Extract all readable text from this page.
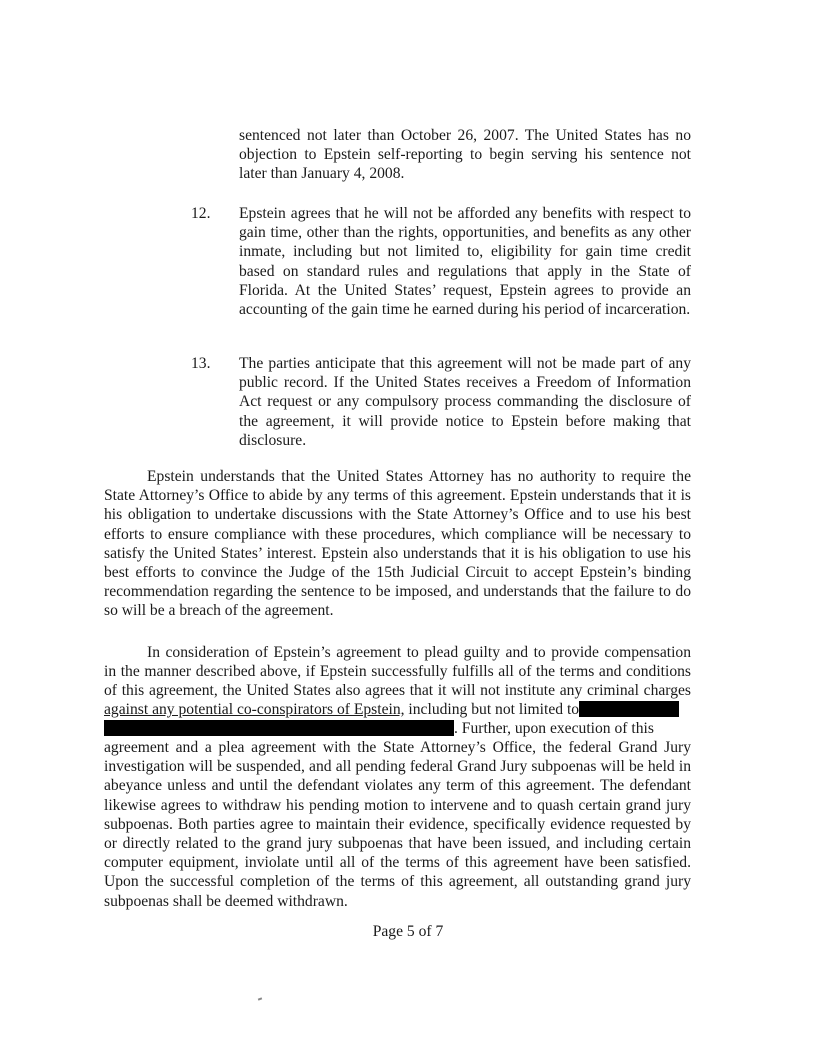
sentenced not later than October 26, 2007. The United States has no objection to Epstein self-reporting to begin serving his sentence not later than January 4, 2008.

12. Epstein agrees that he will not be afforded any benefits with respect to gain time, other than the rights, opportunities, and benefits as any other inmate, including but not limited to, eligibility for gain time credit based on standard rules and regulations that apply in the State of Florida. At the United States’ request, Epstein agrees to provide an accounting of the gain time he earned during his period of incarceration.

13. The parties anticipate that this agreement will not be made part of any public record. If the United States receives a Freedom of Information Act request or any compulsory process commanding the disclosure of the agreement, it will provide notice to Epstein before making that disclosure.

Epstein understands that the United States Attorney has no authority to require the State Attorney’s Office to abide by any terms of this agreement. Epstein understands that it is his obligation to undertake discussions with the State Attorney’s Office and to use his best efforts to ensure compliance with these procedures, which compliance will be necessary to satisfy the United States’ interest. Epstein also understands that it is his obligation to use his best efforts to convince the Judge of the 15th Judicial Circuit to accept Epstein’s binding recommendation regarding the sentence to be imposed, and understands that the failure to do so will be a breach of the agreement.

In consideration of Epstein’s agreement to plead guilty and to provide compensation

in the manner described above, if Epstein successfully fulfills all of the terms and conditions

of this agreement, the United States also agrees that it will not institute any criminal charges

against any potential co-conspirators of Epstein, including but not limited to

. Further, upon execution of this

agreement and a plea agreement with the State Attorney’s Office, the federal Grand Jury investigation will be suspended, and all pending federal Grand Jury subpoenas will be held in abeyance unless and until the defendant violates any term of this agreement. The defendant likewise agrees to withdraw his pending motion to intervene and to quash certain grand jury subpoenas. Both parties agree to maintain their evidence, specifically evidence requested by or directly related to the grand jury subpoenas that have been issued, and including certain computer equipment, inviolate until all of the terms of this agreement have been satisfied. Upon the successful completion of the terms of this agreement, all outstanding grand jury subpoenas shall be deemed withdrawn.

Page 5 of 7
